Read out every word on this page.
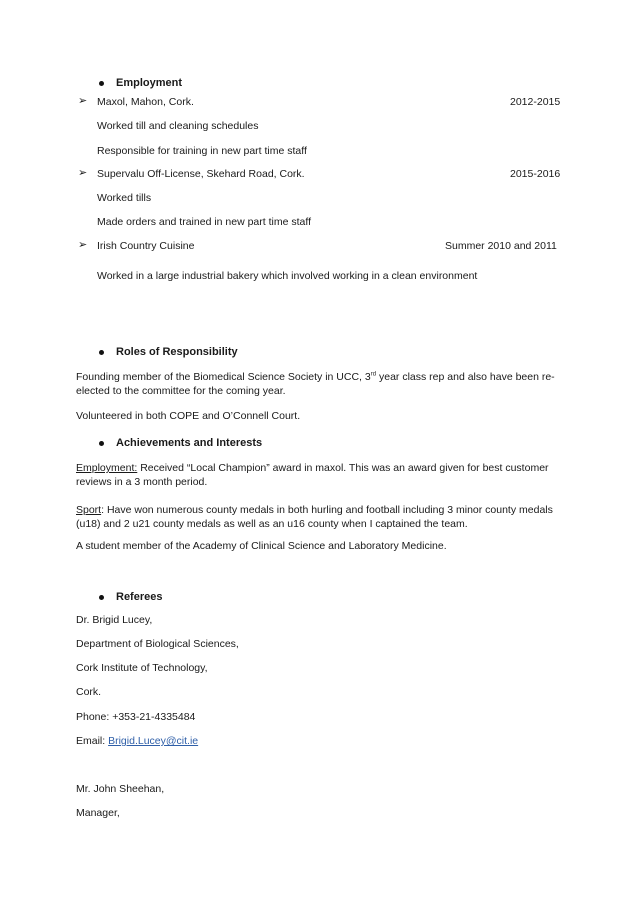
Employment
➢ Maxol, Mahon, Cork.	2012-2015
Worked till and cleaning schedules
Responsible for training in new part time staff
➢ Supervalu Off-License, Skehard Road, Cork.	2015-2016
Worked tills
Made orders and trained in new part time staff
➢ Irish Country Cuisine	Summer 2010 and 2011
Worked in a large industrial bakery which involved working in a clean environment
Roles of Responsibility
Founding member of the Biomedical Science Society in UCC, 3rd year class rep and also have been re-elected to the committee for the coming year.
Volunteered in both COPE and O’Connell Court.
Achievements and Interests
Employment: Received “Local Champion” award in maxol. This was an award given for best customer reviews in a 3 month period.
Sport: Have won numerous county medals in both hurling and football including 3 minor county medals (u18) and 2 u21 county medals as well as an u16 county when I captained the team.
A student member of the Academy of Clinical Science and Laboratory Medicine.
Referees
Dr. Brigid Lucey,
Department of Biological Sciences,
Cork Institute of Technology,
Cork.
Phone: +353-21-4335484
Email: Brigid.Lucey@cit.ie
Mr. John Sheehan,
Manager,
